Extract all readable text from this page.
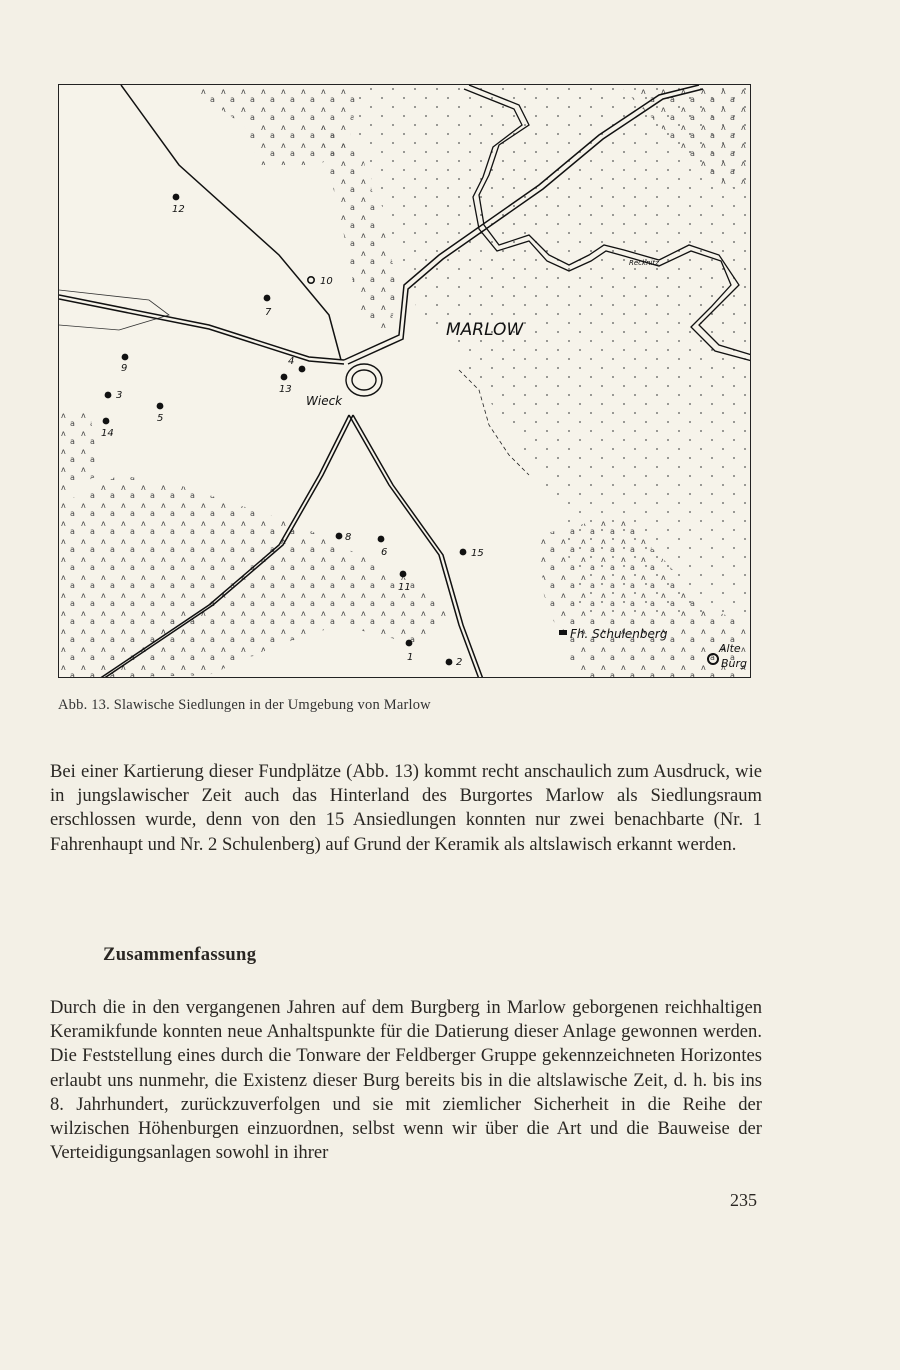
MARLOW
Wieck
Recknitz
Fh. Schulenberg
Alte
Burg
1	2
3
4
5
6
7
8
9
10
11
12
13
14
15
Abb. 13. Slawische Siedlungen in der Umgebung von Marlow

Bei einer Kartierung dieser Fundplätze (Abb. 13) kommt recht anschaulich zum Ausdruck, wie in jungslawischer Zeit auch das Hinterland des Burgortes Marlow als Siedlungsraum erschlossen wurde, denn von den 15 Ansiedlungen konnten nur zwei benachbarte (Nr. 1 Fahrenhaupt und Nr. 2 Schulenberg) auf Grund der Keramik als altslawisch erkannt werden.

Zusammenfassung

Durch die in den vergangenen Jahren auf dem Burgberg in Marlow geborgenen reichhaltigen Keramikfunde konnten neue Anhaltspunkte für die Datierung dieser Anlage gewonnen werden. Die Feststellung eines durch die Tonware der Feldberger Gruppe gekennzeichneten Horizontes erlaubt uns nunmehr, die Existenz dieser Burg bereits bis in die altslawische Zeit, d. h. bis ins 8. Jahrhundert, zurückzuverfolgen und sie mit ziemlicher Sicherheit in die Reihe der wilzischen Höhenburgen einzuordnen, selbst wenn wir über die Art und die Bauweise der Verteidigungsanlagen sowohl in ihrer

235
